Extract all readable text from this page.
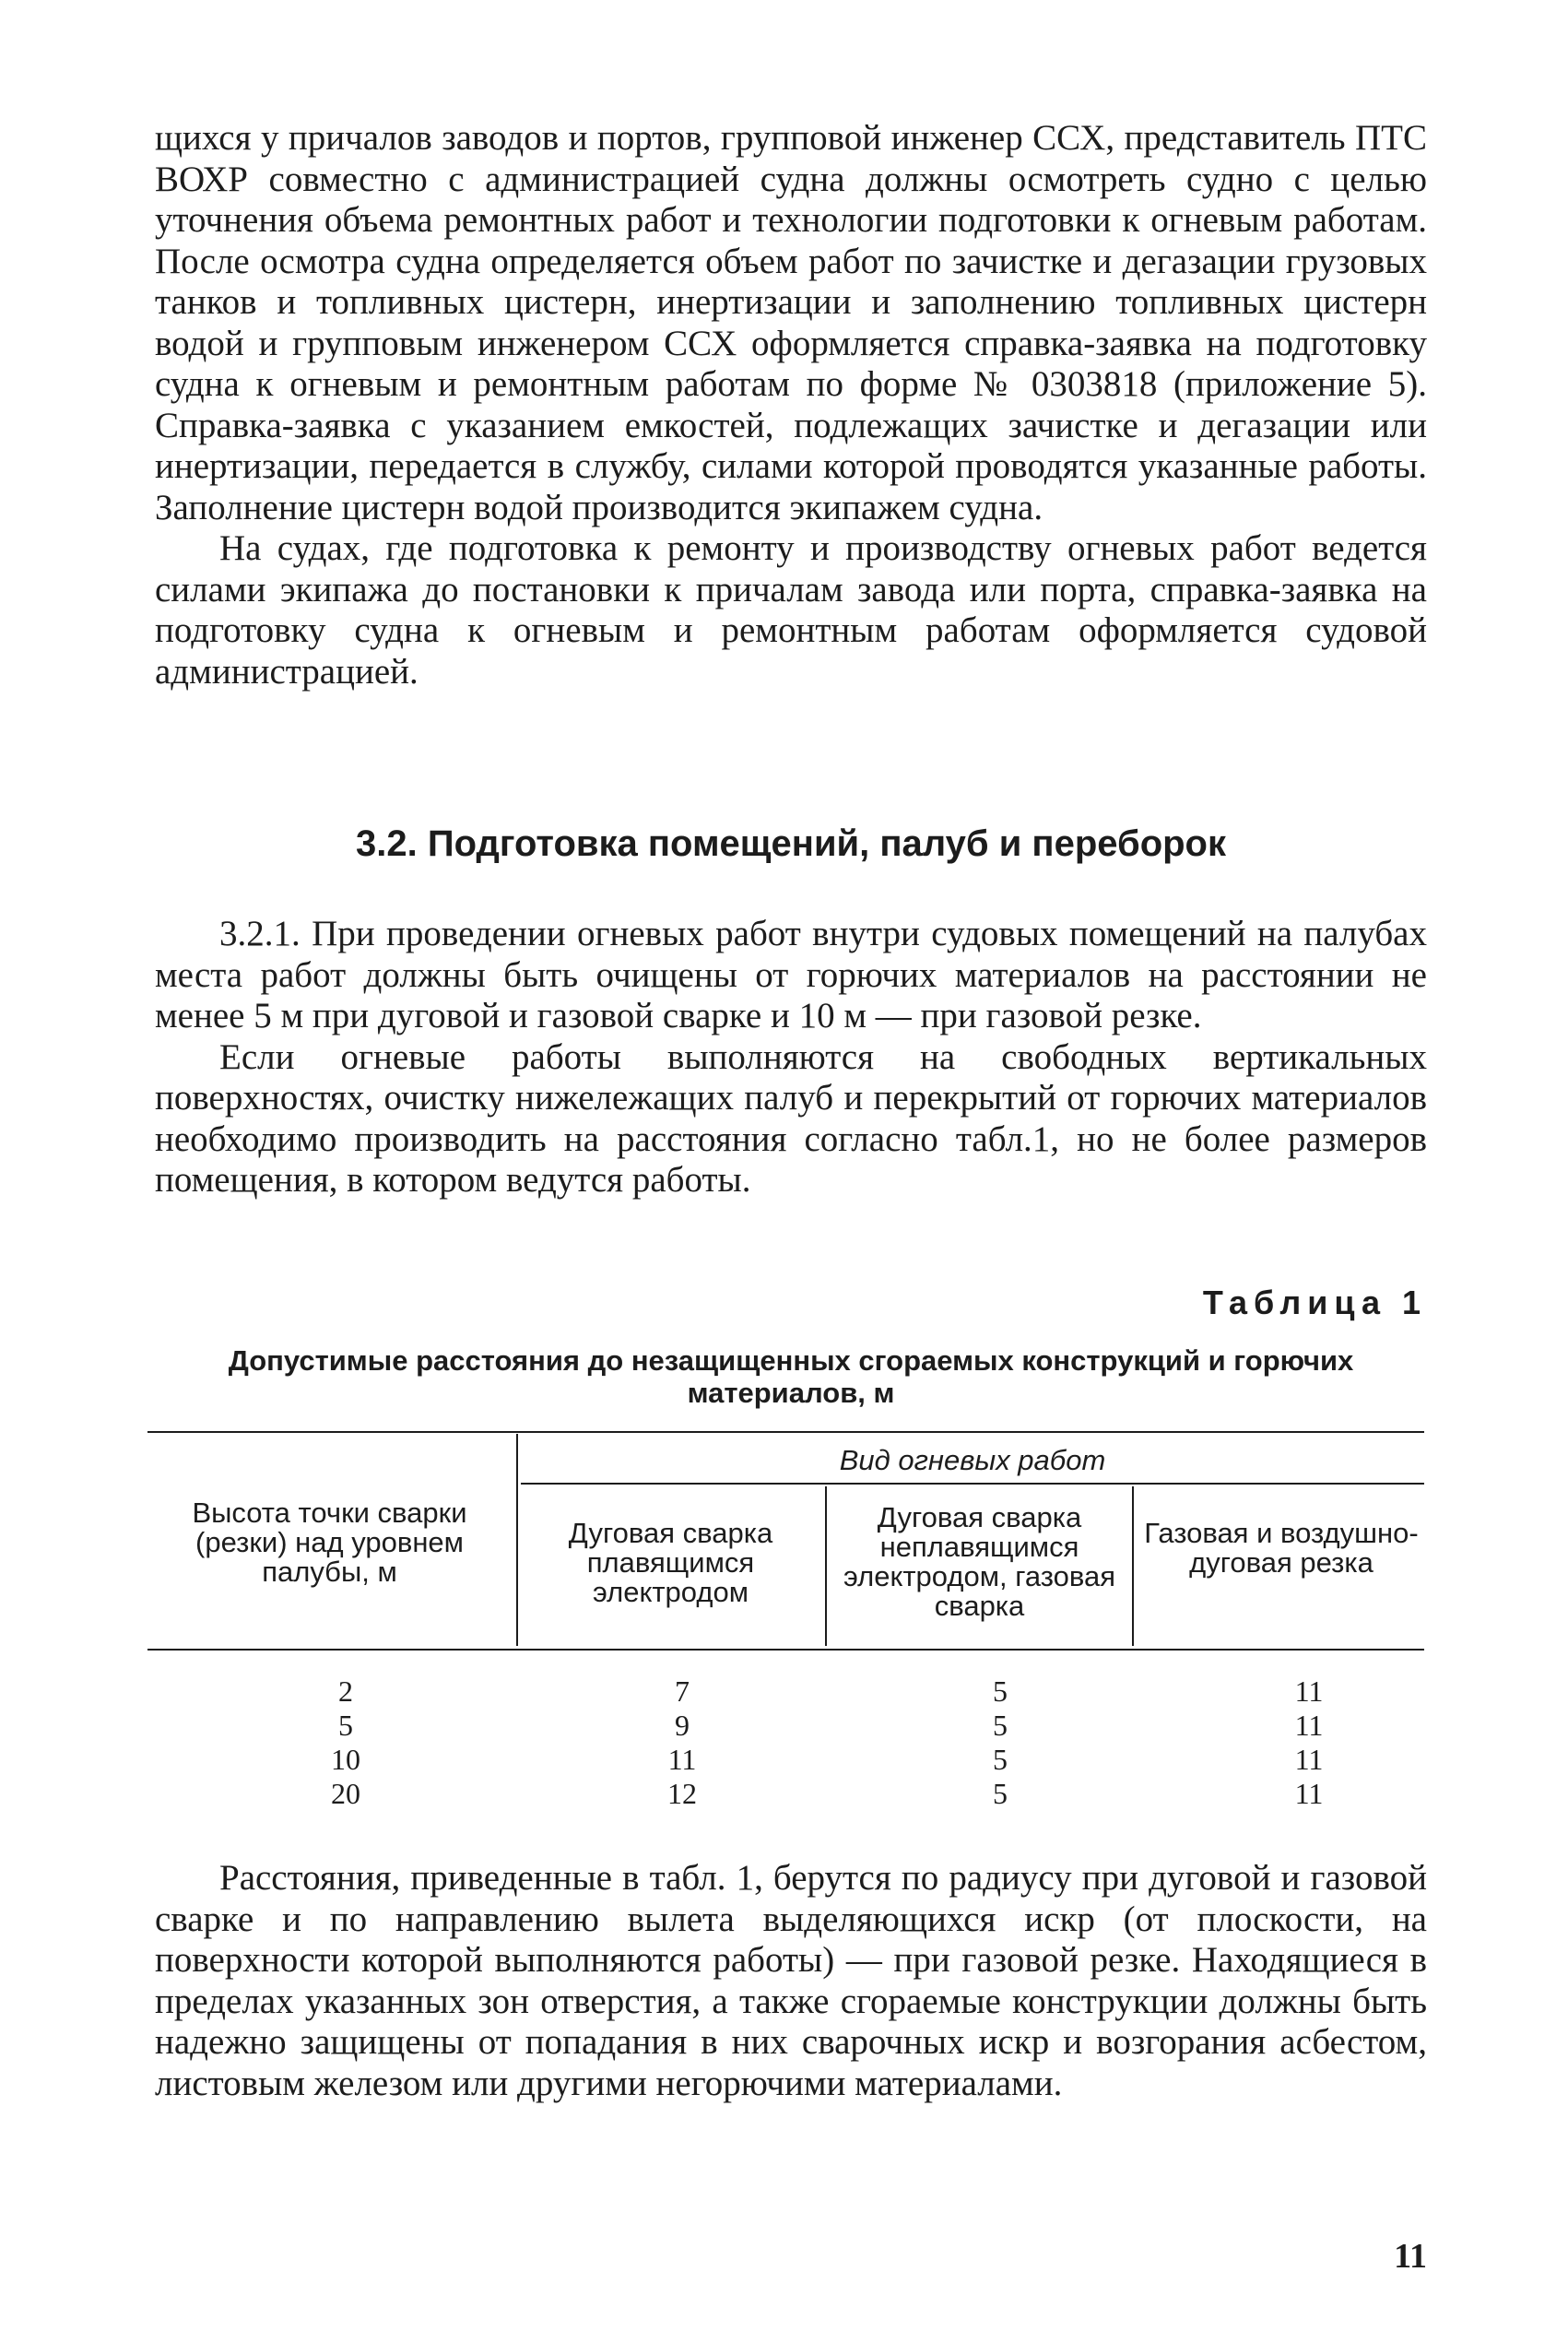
щихся у причалов заводов и портов, групповой инженер ССХ, представитель ПТС ВОХР совместно с администрацией судна должны осмотреть судно с целью уточнения объема ремонтных работ и технологии подготовки к огневым работам. После осмотра судна определяется объем работ по зачистке и дегазации грузовых танков и топливных цистерн, инертизации и заполнению топливных цистерн водой и групповым инженером ССХ оформляется справка-заявка на подготовку судна к огневым и ремонтным работам по форме № 0303818 (приложение 5). Справка-заявка с указанием емкостей, подлежащих зачистке и дегазации или инертизации, передается в службу, силами которой проводятся указанные работы. Заполнение цистерн водой производится экипажем судна.

На судах, где подготовка к ремонту и производству огневых работ ведется силами экипажа до постановки к причалам завода или порта, справка-заявка на подготовку судна к огневым и ремонтным работам оформляется судовой администрацией.

3.2. Подготовка помещений, палуб и переборок

3.2.1. При проведении огневых работ внутри судовых помещений на палубах места работ должны быть очищены от горючих материалов на расстоянии не менее 5 м при дуговой и газовой сварке и 10 м — при газовой резке.

Если огневые работы выполняются на свободных вертикальных поверхностях, очистку нижележащих палуб и перекрытий от горючих материалов необходимо производить на расстояния согласно табл.1, но не более размеров помещения, в котором ведутся работы.

Таблица 1
Допустимые расстояния до незащищенных сгораемых конструкций и горючих материалов, м
Высота точки сварки (резки) над уровнем палубы, м
Вид огневых работ
Дуговая сварка плавящимся электродом
Дуговая сварка неплавящимся электродом, газовая сварка
Газовая и воздушно-дуговая резка
2
5
10
20
7
9
11
12
5
5
5
5
11
11
11
11

Расстояния, приведенные в табл. 1, берутся по радиусу при дуговой и газовой сварке и по направлению вылета выделяющихся искр (от плоскости, на поверхности которой выполняются работы) — при газовой резке. Находящиеся в пределах указанных зон отверстия, а также сгораемые конструкции должны быть надежно защищены от попадания в них сварочных искр и возгорания асбестом, листовым железом или другими негорючими материалами.

11
